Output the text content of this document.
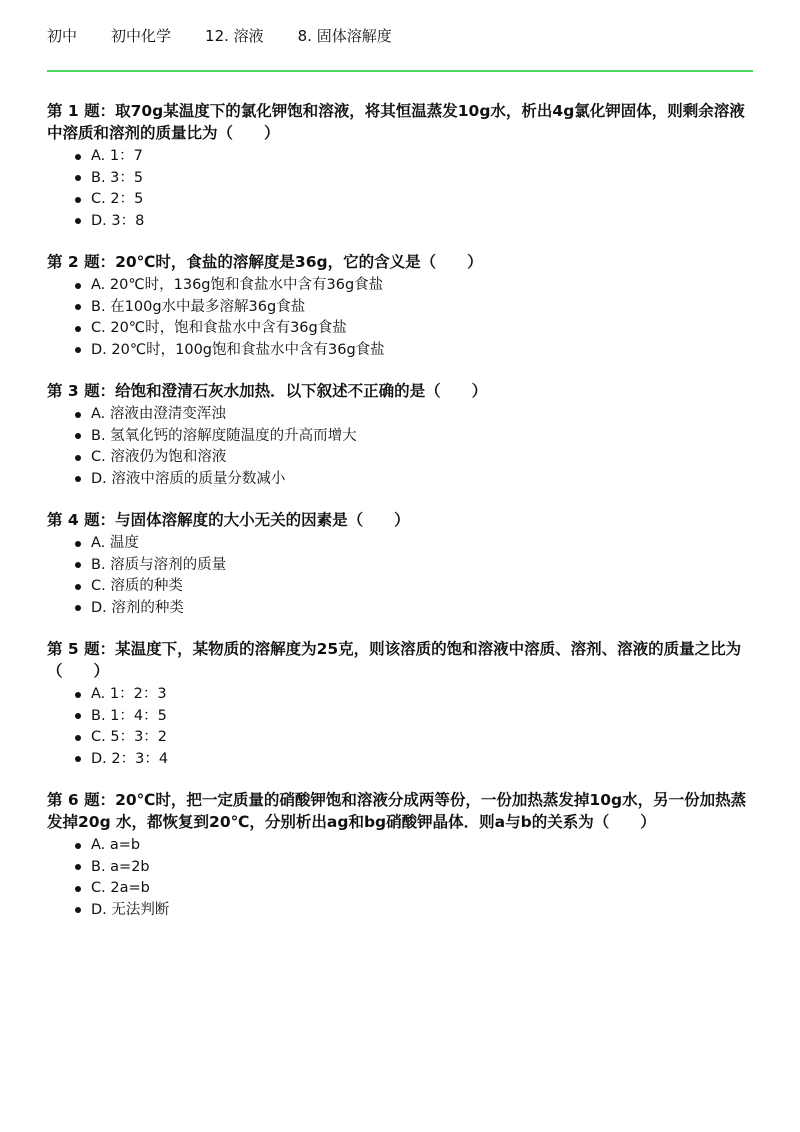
初中 初中化学 12. 溶液 8. 固体溶解度

第 1 题：取70g某温度下的氯化钾饱和溶液，将其恒温蒸发10g水，析出4g氯化钾固体，则剩余溶液中溶质和溶剂的质量比为（　　）

A. 1：7
B. 3：5
C. 2：5
D. 3：8

第 2 题：20℃时，食盐的溶解度是36g，它的含义是（　　）

A. 20℃时，136g饱和食盐水中含有36g食盐
B. 在100g水中最多溶解36g食盐
C. 20℃时，饱和食盐水中含有36g食盐
D. 20℃时，100g饱和食盐水中含有36g食盐

第 3 题：给饱和澄清石灰水加热．以下叙述不正确的是（　　）

A. 溶液由澄清变浑浊
B. 氢氧化钙的溶解度随温度的升高而增大
C. 溶液仍为饱和溶液
D. 溶液中溶质的质量分数减小

第 4 题：与固体溶解度的大小无关的因素是（　　）

A. 温度
B. 溶质与溶剂的质量
C. 溶质的种类
D. 溶剂的种类

第 5 题：某温度下，某物质的溶解度为25克，则该溶质的饱和溶液中溶质、溶剂、溶液的质量之比为（　　）

A. 1：2：3
B. 1：4：5
C. 5：3：2
D. 2：3：4

第 6 题：20℃时，把一定质量的硝酸钾饱和溶液分成两等份，一份加热蒸发掉10g水，另一份加热蒸发掉20g 水，都恢复到20℃，分别析出ag和bg硝酸钾晶体．则a与b的关系为（　　）

A. a=b
B. a=2b
C. 2a=b
D. 无法判断
